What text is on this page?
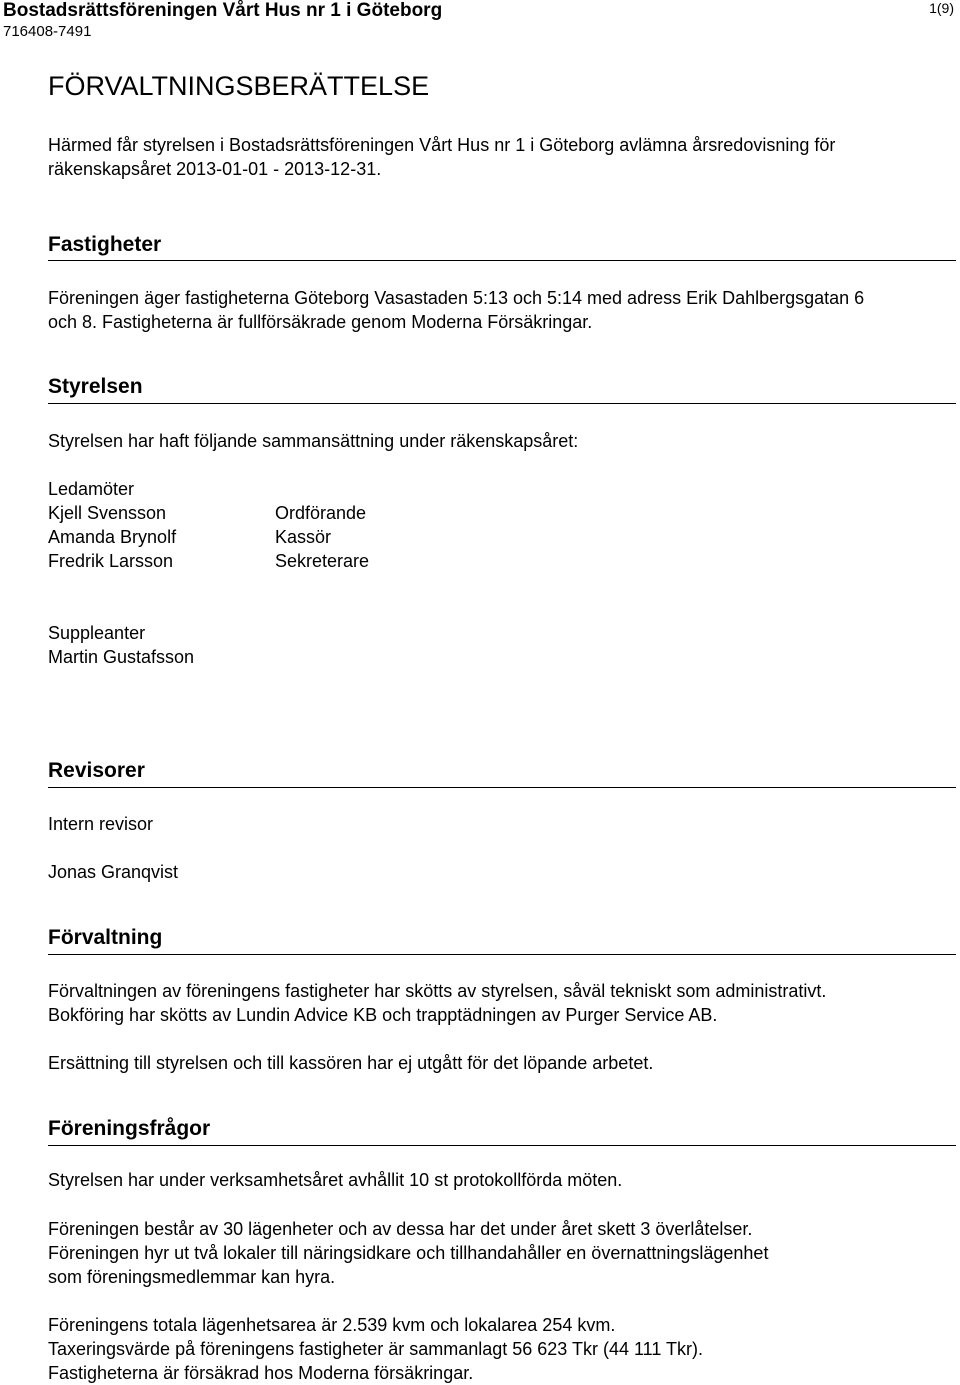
Bostadsrättsföreningen Vårt Hus nr 1 i Göteborg
716408-7491
1(9)
FÖRVALTNINGSBERÄTTELSE
Härmed får styrelsen i Bostadsrättsföreningen Vårt Hus nr 1 i Göteborg avlämna årsredovisning för
räkenskapsåret 2013-01-01 - 2013-12-31.
Fastigheter
Föreningen äger fastigheterna Göteborg Vasastaden 5:13 och 5:14 med adress Erik Dahlbergsgatan 6
och 8. Fastigheterna är fullförsäkrade genom Moderna Försäkringar.
Styrelsen
Styrelsen har haft följande sammansättning under räkenskapsåret:
Ledamöter
Kjell Svensson	Ordförande
Amanda Brynolf	Kassör
Fredrik Larsson	Sekreterare
Suppleanter
Martin Gustafsson
Revisorer
Intern revisor
Jonas Granqvist
Förvaltning
Förvaltningen av föreningens fastigheter har skötts av styrelsen, såväl tekniskt som administrativt.
Bokföring har skötts av Lundin Advice KB och trapptädningen av Purger Service AB.
Ersättning till styrelsen och till kassören har ej utgått för det löpande arbetet.
Föreningsfrågor
Styrelsen har under verksamhetsåret avhållit 10 st protokollförda möten.
Föreningen består av 30 lägenheter och av dessa har det under året skett 3 överlåtelser.
Föreningen hyr ut två lokaler till näringsidkare och tillhandahåller en övernattningslägenhet
som föreningsmedlemmar kan hyra.
Föreningens totala lägenhetsarea är 2.539 kvm och lokalarea 254 kvm.
Taxeringsvärde på föreningens fastigheter är sammanlagt 56 623 Tkr (44 111 Tkr).
Fastigheterna är försäkrad hos Moderna försäkringar.
